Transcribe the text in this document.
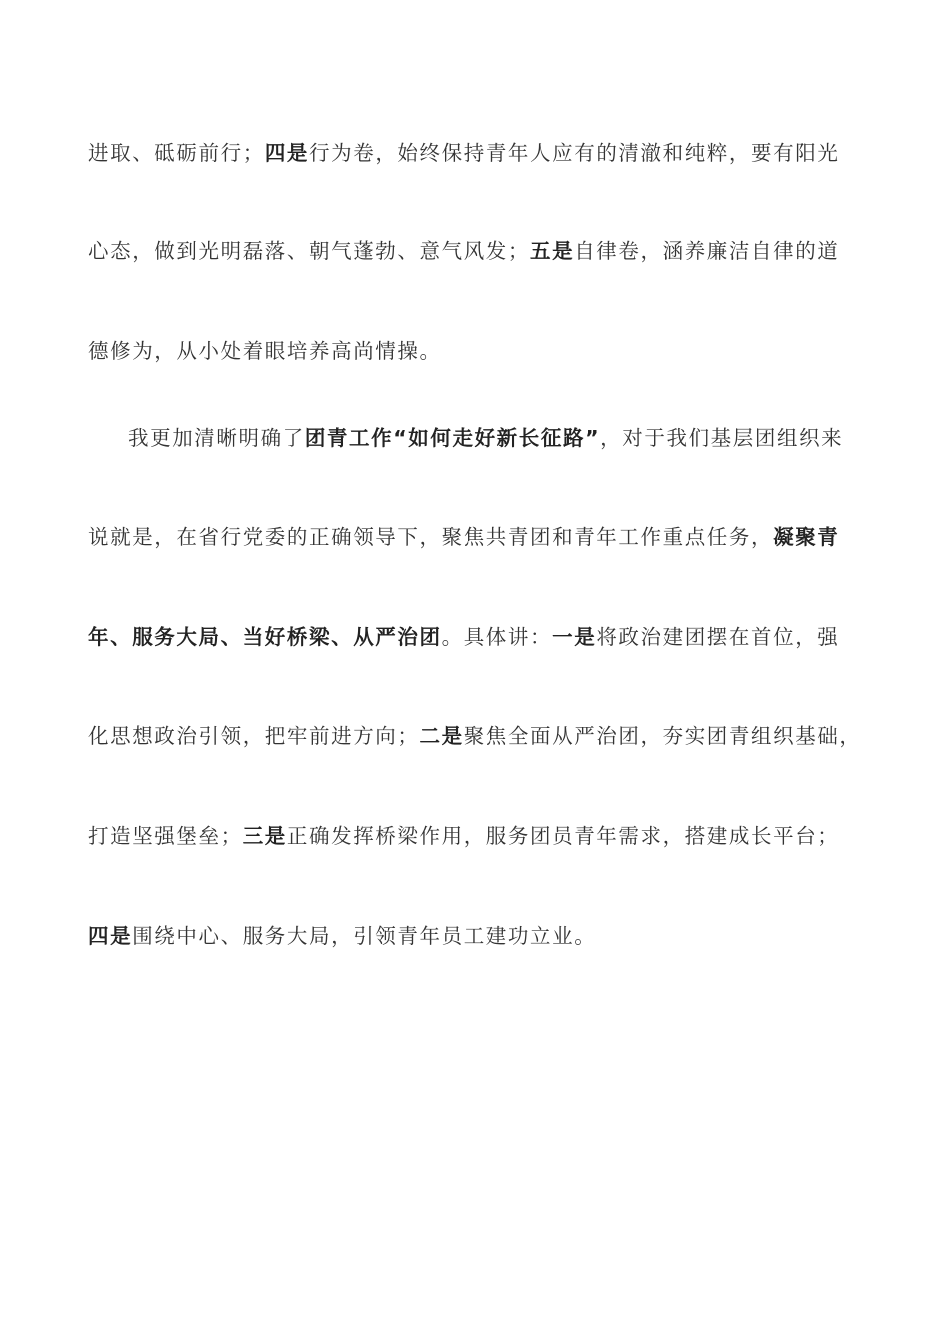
进取、砥砺前行；四是行为卷，始终保持青年人应有的清澈和纯粹，要有阳光
心态，做到光明磊落、朝气蓬勃、意气风发；五是自律卷，涵养廉洁自律的道
德修为，从小处着眼培养高尚情操。
我更加清晰明确了团青工作“如何走好新长征路”，对于我们基层团组织来
说就是，在省行党委的正确领导下，聚焦共青团和青年工作重点任务，凝聚青
年、服务大局、当好桥梁、从严治团。具体讲：一是将政治建团摆在首位，强
化思想政治引领，把牢前进方向；二是聚焦全面从严治团，夯实团青组织基础，
打造坚强堡垒；三是正确发挥桥梁作用，服务团员青年需求，搭建成长平台；
四是围绕中心、服务大局，引领青年员工建功立业。
